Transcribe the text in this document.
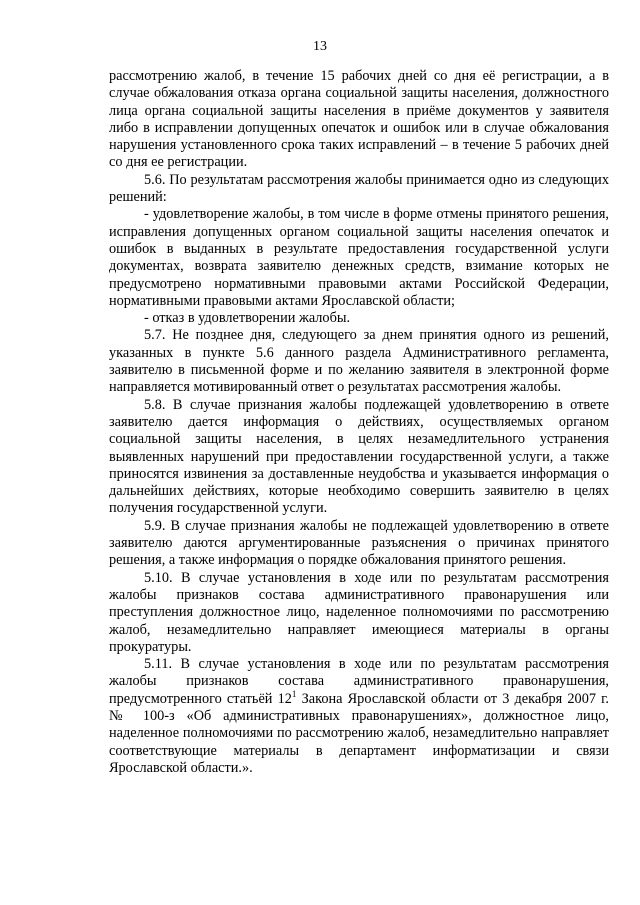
13

рассмотрению жалоб, в течение 15 рабочих дней со дня её регистрации, а в случае обжалования отказа органа социальной защиты населения, должностного лица органа социальной защиты населения в приёме документов у заявителя либо в исправлении допущенных опечаток и ошибок или в случае обжалования нарушения установленного срока таких исправлений – в течение 5 рабочих дней со дня ее регистрации.

5.6. По результатам рассмотрения жалобы принимается одно из следующих решений:

- удовлетворение жалобы, в том числе в форме отмены принятого решения, исправления допущенных органом социальной защиты населения опечаток и ошибок в выданных в результате предоставления государственной услуги документах, возврата заявителю денежных средств, взимание которых не предусмотрено нормативными правовыми актами Российской Федерации, нормативными правовыми актами Ярославской области;

- отказ в удовлетворении жалобы.

5.7. Не позднее дня, следующего за днем принятия одного из решений, указанных в пункте 5.6 данного раздела Административного регламента, заявителю в письменной форме и по желанию заявителя в электронной форме направляется мотивированный ответ о результатах рассмотрения жалобы.

5.8. В случае признания жалобы подлежащей удовлетворению в ответе заявителю дается информация о действиях, осуществляемых органом социальной защиты населения, в целях незамедлительного устранения выявленных нарушений при предоставлении государственной услуги, а также приносятся извинения за доставленные неудобства и указывается информация о дальнейших действиях, которые необходимо совершить заявителю в целях получения государственной услуги.

5.9. В случае признания жалобы не подлежащей удовлетворению в ответе заявителю даются аргументированные разъяснения о причинах принятого решения, а также информация о порядке обжалования принятого решения.

5.10. В случае установления в ходе или по результатам рассмотрения жалобы признаков состава административного правонарушения или преступления должностное лицо, наделенное полномочиями по рассмотрению жалоб, незамедлительно направляет имеющиеся материалы в органы прокуратуры.

5.11. В случае установления в ходе или по результатам рассмотрения жалобы признаков состава административного правонарушения, предусмотренного статьёй $12^1$ Закона Ярославской области от 3 декабря 2007 г. № 100-з «Об административных правонарушениях», должностное лицо, наделенное полномочиями по рассмотрению жалоб, незамедлительно направляет соответствующие материалы в департамент информатизации и связи Ярославской области.».
